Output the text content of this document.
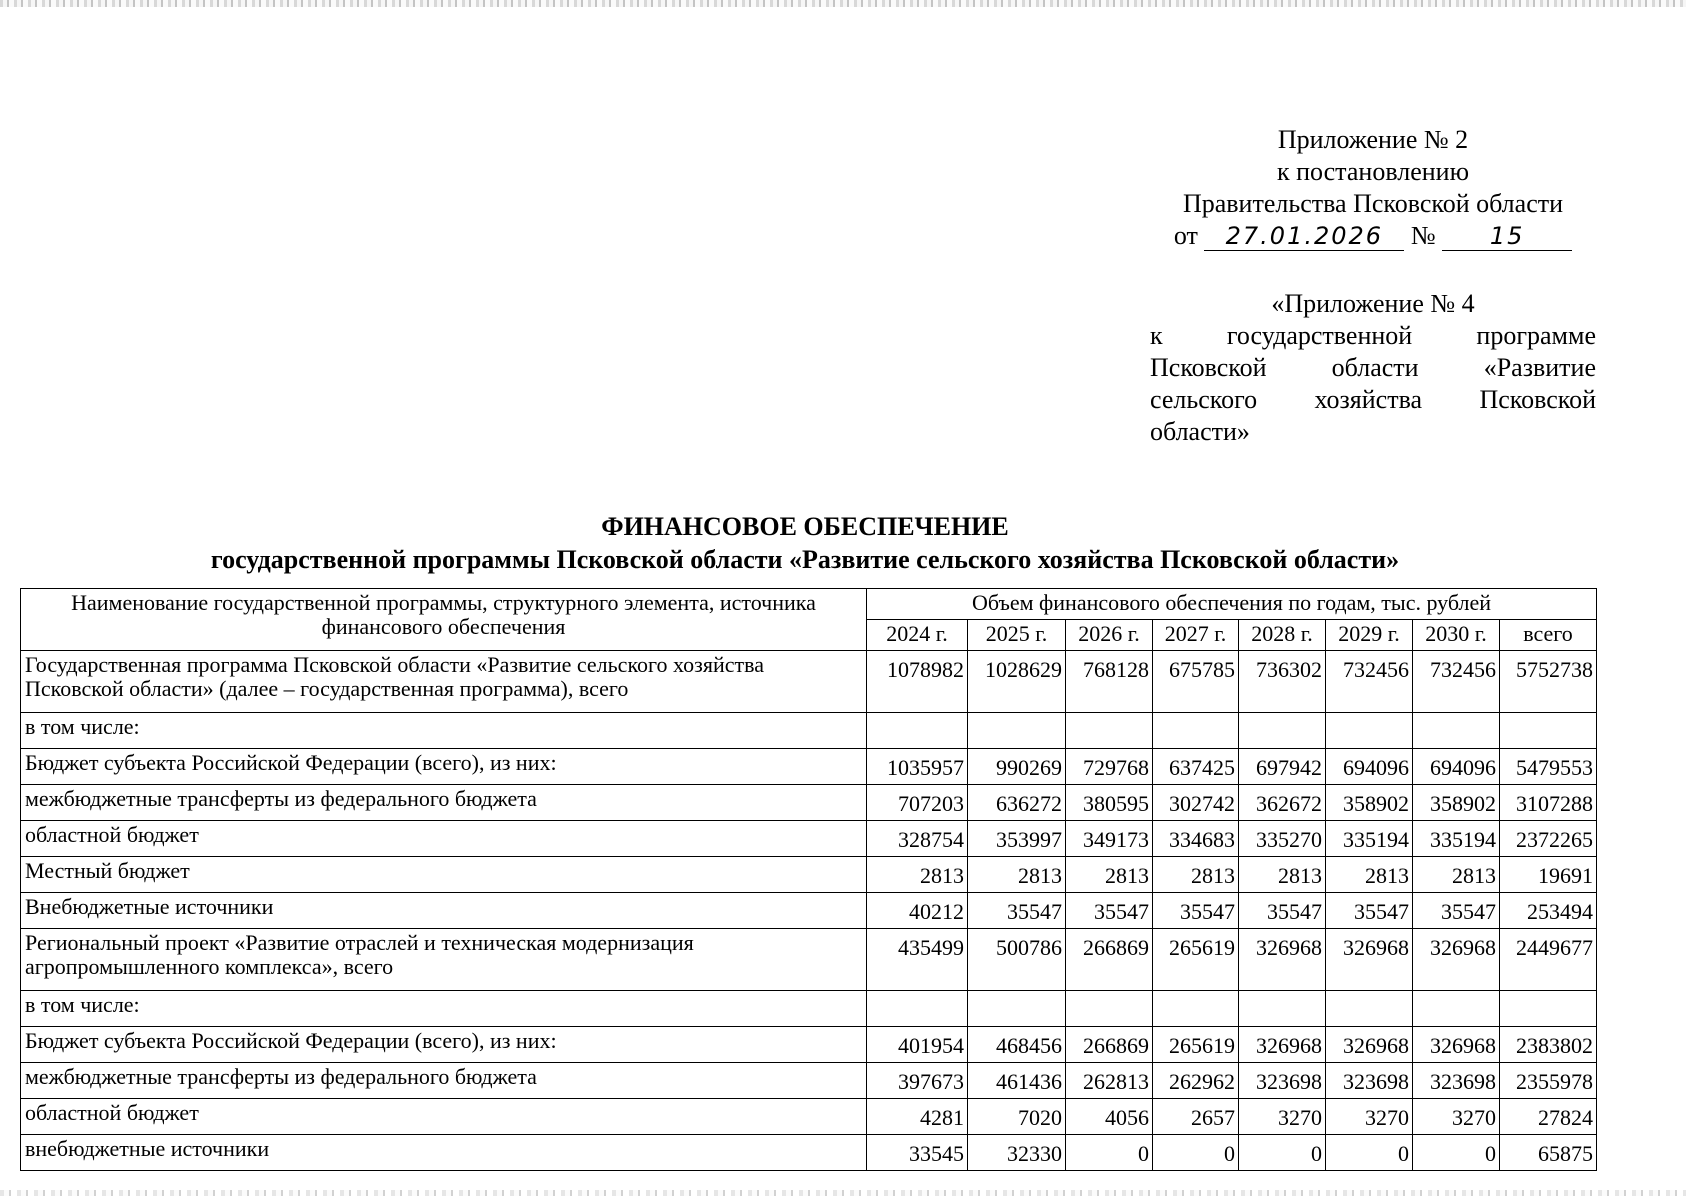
Приложение № 2
к постановлению
Правительства Псковской области
от 27.01.2026 № 15
«Приложение № 4
к государственной программе
Псковской области «Развитие
сельского хозяйства Псковской
области»
ФИНАНСОВОЕ ОБЕСПЕЧЕНИЕ
государственной программы Псковской области «Развитие сельского хозяйства Псковской области»
Наименование государственной программы, структурного элемента, источника финансового обеспечения	Объем финансового обеспечения по годам, тыс. рублей							
	2024 г.	2025 г.	2026 г.	2027 г.	2028 г.	2029 г.	2030 г.	всего
Государственная программа Псковской области «Развитие сельского хозяйства Псковской области» (далее – государственная программа), всего	1078982	1028629	768128	675785	736302	732456	732456	5752738
в том числе:								
Бюджет субъекта Российской Федерации (всего), из них:	1035957	990269	729768	637425	697942	694096	694096	5479553
межбюджетные трансферты из федерального бюджета	707203	636272	380595	302742	362672	358902	358902	3107288
областной бюджет	328754	353997	349173	334683	335270	335194	335194	2372265
Местный бюджет	2813	2813	2813	2813	2813	2813	2813	19691
Внебюджетные источники	40212	35547	35547	35547	35547	35547	35547	253494
Региональный проект «Развитие отраслей и техническая модернизация агропромышленного комплекса», всего	435499	500786	266869	265619	326968	326968	326968	2449677
в том числе:								
Бюджет субъекта Российской Федерации (всего), из них:	401954	468456	266869	265619	326968	326968	326968	2383802
межбюджетные трансферты из федерального бюджета	397673	461436	262813	262962	323698	323698	323698	2355978
областной бюджет	4281	7020	4056	2657	3270	3270	3270	27824
внебюджетные источники	33545	32330	0	0	0	0	0	65875
